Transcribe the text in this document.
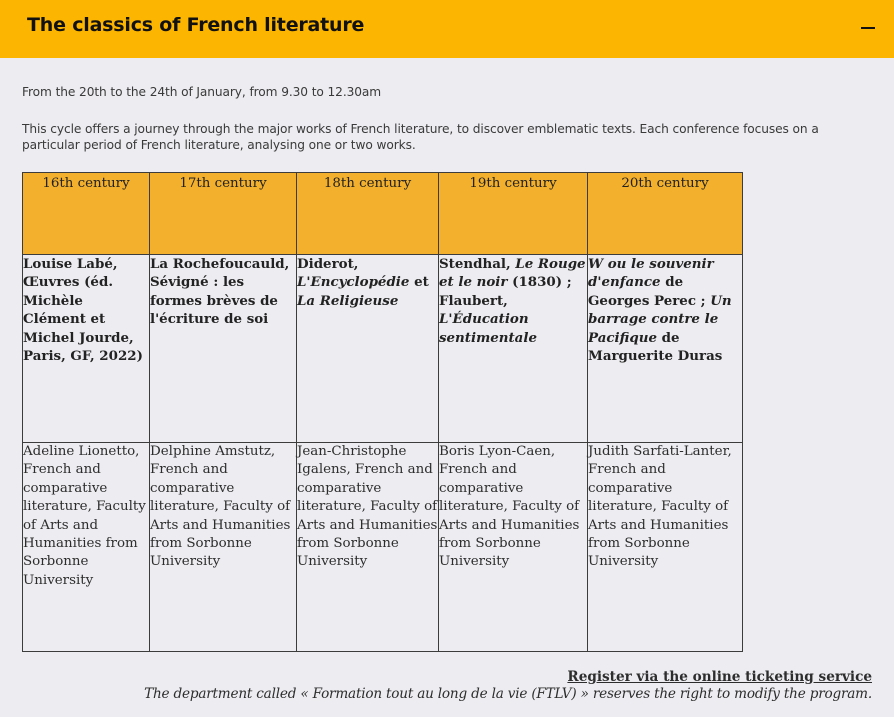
The classics of French literature
From the 20th to the 24th of January, from 9.30 to 12.30am
This cycle offers a journey through the major works of French literature, to discover emblematic texts. Each conference focuses on a particular period of French literature, analysing one or two works.
16th century	17th century	18th century	19th century	20th century
Louise Labé, Œuvres (éd. Michèle Clément et Michel Jourde, Paris, GF, 2022)	La Rochefoucauld, Sévigné : les formes brèves de l'écriture de soi	Diderot, L'Encyclopédie et La Religieuse	Stendhal, Le Rouge et le noir (1830) ; Flaubert, L'Éducation sentimentale	W ou le souvenir d'enfance de Georges Perec ; Un barrage contre le Pacifique de Marguerite Duras
Adeline Lionetto, French and comparative literature, Faculty of Arts and Humanities from Sorbonne University	Delphine Amstutz, French and comparative literature, Faculty of Arts and Humanities from Sorbonne University	Jean-Christophe Igalens, French and comparative literature, Faculty of Arts and Humanities from Sorbonne University	Boris Lyon-Caen, French and comparative literature, Faculty of Arts and Humanities from Sorbonne University	Judith Sarfati-Lanter, French and comparative literature, Faculty of Arts and Humanities from Sorbonne University
Register via the online ticketing service
The department called « Formation tout au long de la vie (FTLV) » reserves the right to modify the program.
